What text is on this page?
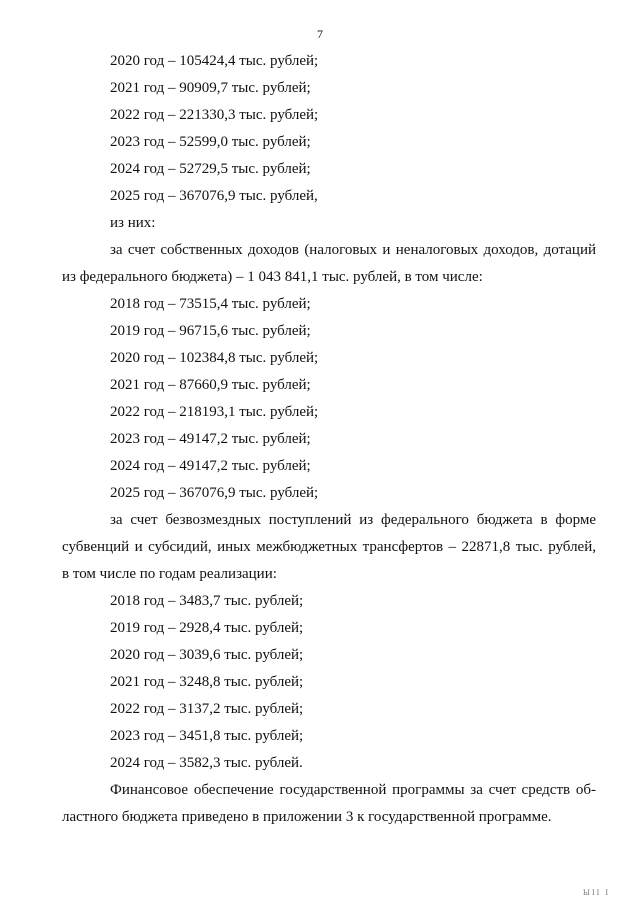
7
2020 год – 105424,4 тыс. рублей;
2021 год – 90909,7 тыс. рублей;
2022 год – 221330,3 тыс. рублей;
2023 год – 52599,0 тыс. рублей;
2024 год – 52729,5 тыс. рублей;
2025 год – 367076,9 тыс. рублей,
из них:
за счет собственных доходов (налоговых и неналоговых доходов, дотаций
из федерального бюджета) – 1 043 841,1 тыс. рублей, в том числе:
2018 год – 73515,4 тыс. рублей;
2019 год – 96715,6 тыс. рублей;
2020 год – 102384,8 тыс. рублей;
2021 год – 87660,9 тыс. рублей;
2022 год – 218193,1 тыс. рублей;
2023 год – 49147,2 тыс. рублей;
2024 год – 49147,2 тыс. рублей;
2025 год – 367076,9 тыс. рублей;
за счет безвозмездных поступлений из федерального бюджета в форме
субвенций и субсидий, иных межбюджетных трансфертов – 22871,8 тыс. рублей,
в том числе по годам реализации:
2018 год – 3483,7 тыс. рублей;
2019 год – 2928,4 тыс. рублей;
2020 год – 3039,6 тыс. рублей;
2021 год – 3248,8 тыс. рублей;
2022 год – 3137,2 тыс. рублей;
2023 год – 3451,8 тыс. рублей;
2024 год – 3582,3 тыс. рублей.
Финансовое обеспечение государственной программы за счет средств об-
ластного бюджета приведено в приложении 3 к государственной программе.
ЫІІ І
